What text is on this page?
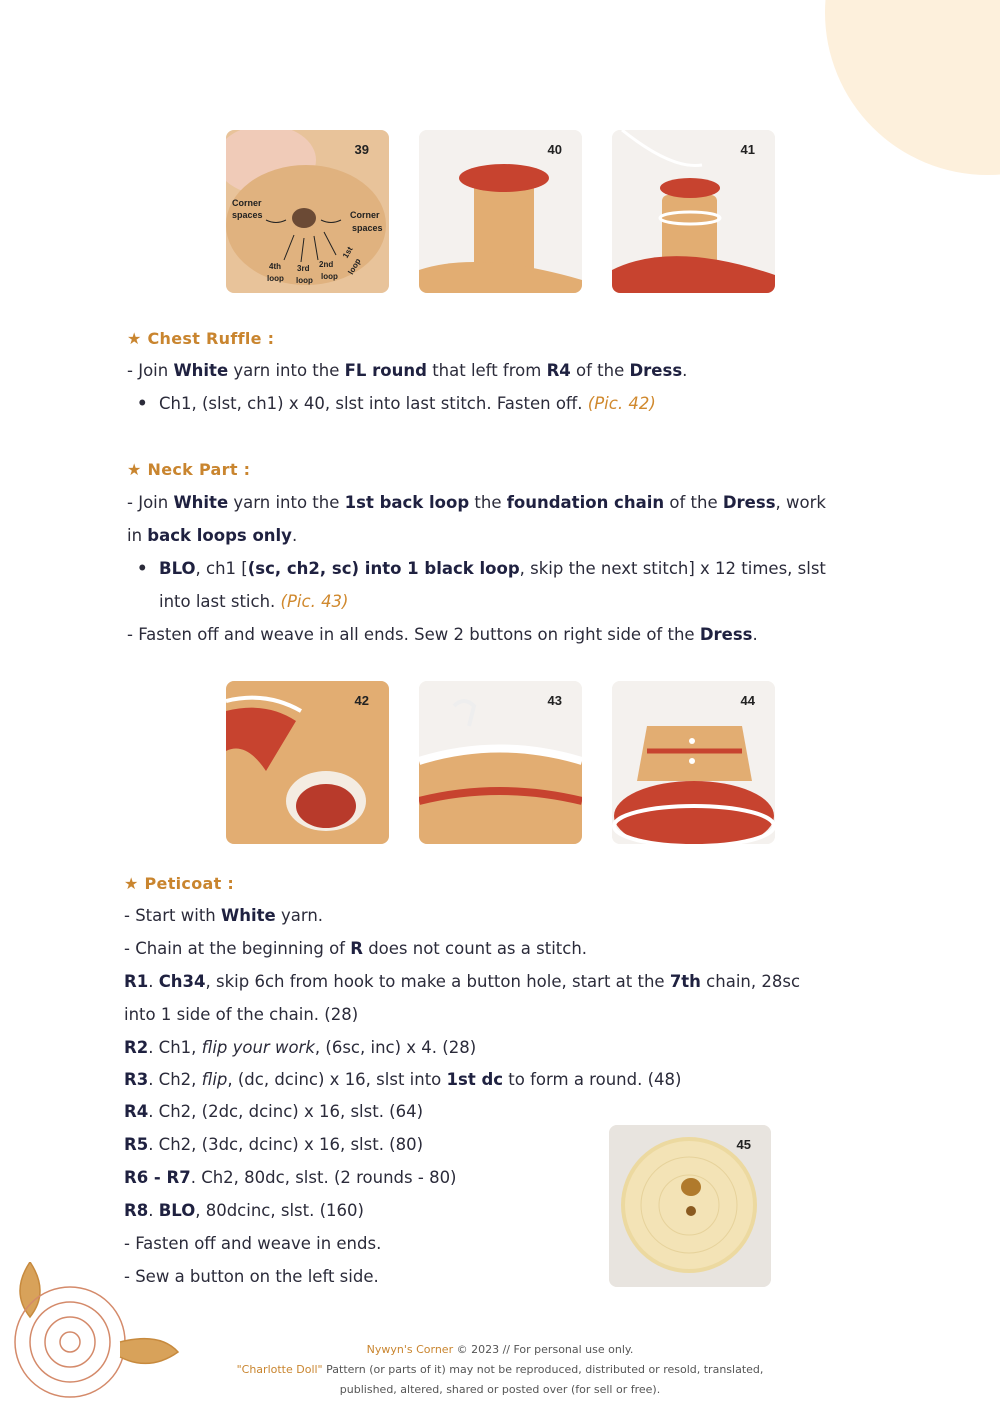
39
Corner
spaces	Corner
spaces
4th
loop
3rd
loop
2nd
loop
1st
loop
40	41
★ Chest Ruffle :
- Join White yarn into the FL round that left from R4 of the Dress.
• Ch1, (slst, ch1) x 40, slst into last stitch. Fasten off. (Pic. 42)
★ Neck Part :
- Join White yarn into the 1st back loop the foundation chain of the Dress, work
in back loops only.
• BLO, ch1 [(sc, ch2, sc) into 1 black loop, skip the next stitch] x 12 times, slst
into last stich. (Pic. 43)
- Fasten off and weave in all ends. Sew 2 buttons on right side of the Dress.
42	43	44
★ Peticoat :
- Start with White yarn.
- Chain at the beginning of R does not count as a stitch.
R1. Ch34, skip 6ch from hook to make a button hole, start at the 7th chain, 28sc
into 1 side of the chain. (28)
R2. Ch1, flip your work, (6sc, inc) x 4. (28)
R3. Ch2, flip, (dc, dcinc) x 16, slst into 1st dc to form a round. (48)
R4. Ch2, (2dc, dcinc) x 16, slst. (64)
R5. Ch2, (3dc, dcinc) x 16, slst. (80)
R6 - R7. Ch2, 80dc, slst. (2 rounds - 80)
R8. BLO, 80dcinc, slst. (160)
- Fasten off and weave in ends.
- Sew a button on the left side.
45
Nywyn's Corner © 2023 // For personal use only.
"Charlotte Doll" Pattern (or parts of it) may not be reproduced, distributed or resold, translated,
published, altered, shared or posted over (for sell or free).
